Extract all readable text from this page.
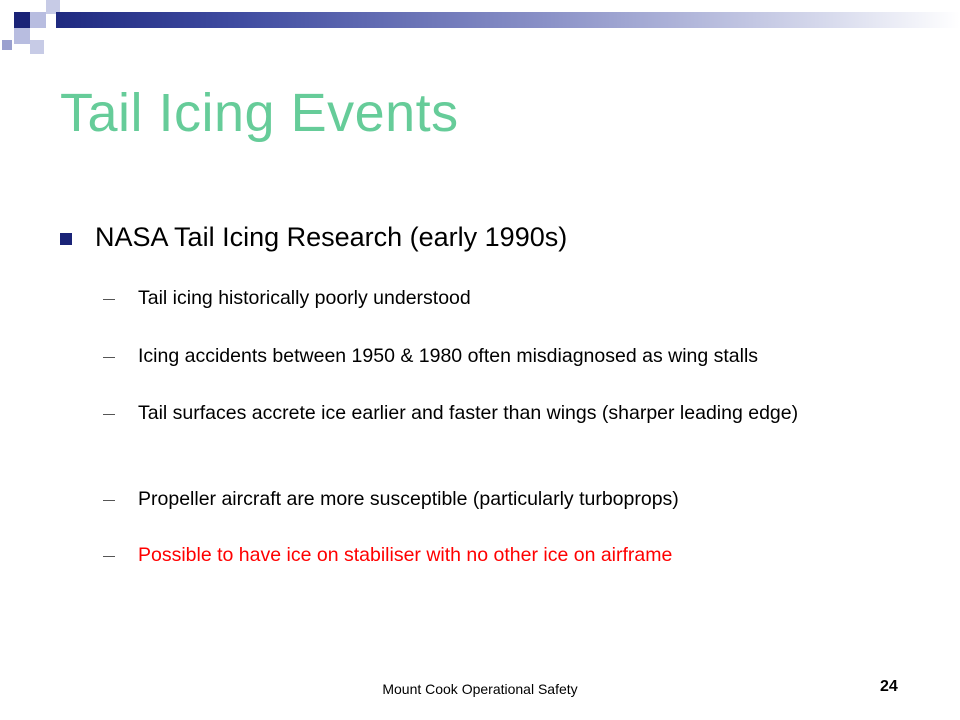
Tail Icing Events
NASA Tail Icing Research (early 1990s)
Tail icing historically poorly understood
Icing accidents between 1950 & 1980 often misdiagnosed as wing stalls
Tail surfaces accrete ice earlier and faster than wings (sharper leading edge)
Propeller aircraft are more susceptible (particularly turboprops)
Possible to have ice on stabiliser with no other ice on airframe
Mount Cook Operational Safety	24
